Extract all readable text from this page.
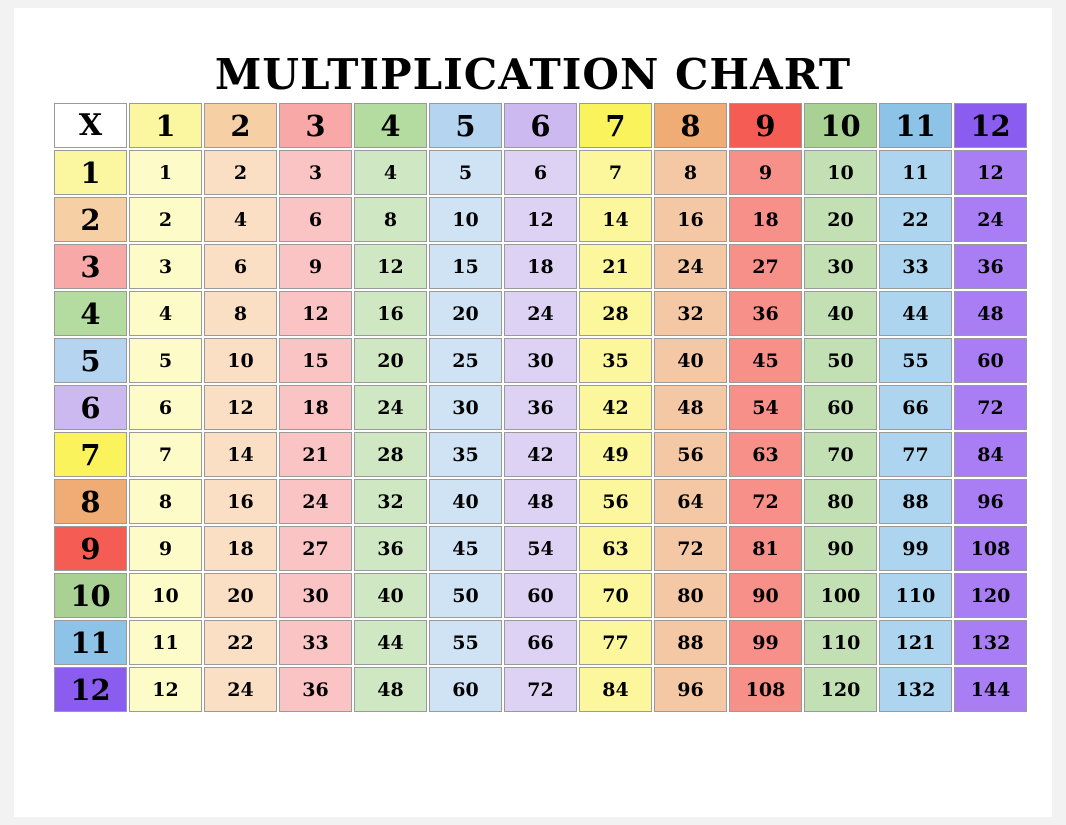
MULTIPLICATION CHART
X	1	2	3	4	5	6	7	8	9	10	11	12
1	1	2	3	4	5	6	7	8	9	10	11	12
2	2	4	6	8	10	12	14	16	18	20	22	24
3	3	6	9	12	15	18	21	24	27	30	33	36
4	4	8	12	16	20	24	28	32	36	40	44	48
5	5	10	15	20	25	30	35	40	45	50	55	60
6	6	12	18	24	30	36	42	48	54	60	66	72
7	7	14	21	28	35	42	49	56	63	70	77	84
8	8	16	24	32	40	48	56	64	72	80	88	96
9	9	18	27	36	45	54	63	72	81	90	99	108
10	10	20	30	40	50	60	70	80	90	100	110	120
11	11	22	33	44	55	66	77	88	99	110	121	132
12	12	24	36	48	60	72	84	96	108	120	132	144
